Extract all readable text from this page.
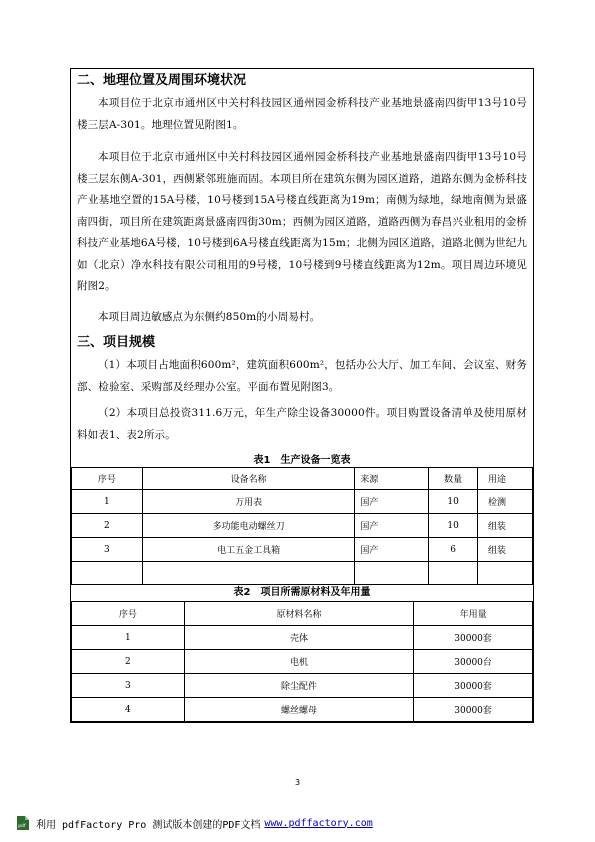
二、地理位置及周围环境状况

本项目位于北京市通州区中关村科技园区通州园金桥科技产业基地景盛南四街甲13号10号楼三层A-301。地理位置见附图1。

本项目位于北京市通州区中关村科技园区通州园金桥科技产业基地景盛南四街甲13号10号楼三层东侧A-301，西侧紧邻班施而固。本项目所在建筑东侧为园区道路，道路东侧为金桥科技产业基地空置的15A号楼，10号楼到15A号楼直线距离为19m；南侧为绿地，绿地南侧为景盛南四街，项目所在建筑距离景盛南四街30m；西侧为园区道路，道路西侧为春昌兴业租用的金桥科技产业基地6A号楼，10号楼到6A号楼直线距离为15m；北侧为园区道路，道路北侧为世纪九如（北京）净水科技有限公司租用的9号楼，10号楼到9号楼直线距离为12m。项目周边环境见附图2。

本项目周边敏感点为东侧约850m的小周易村。

三、项目规模

（1）本项目占地面积600m²，建筑面积600m²，包括办公大厅、加工车间、会议室、财务部、检验室、采购部及经理办公室。平面布置见附图3。

（2）本项目总投资311.6万元，年生产除尘设备30000件。项目购置设备清单及使用原材料如表1、表2所示。

表1　生产设备一览表
序号	设备名称	来源	数量	用途
1	万用表	国产	10	检测
2	多功能电动螺丝刀	国产	10	组装
3	电工五金工具箱	国产	6	组装

表2　项目所需原材料及年用量
序号	原材料名称	年用量
1	壳体	30000套
2	电机	30000台
3	除尘配件	30000套
4	螺丝螺母	30000套
3
pdf 利用 pdfFactory Pro 测试版本创建的PDF文档 www.pdffactory.com
